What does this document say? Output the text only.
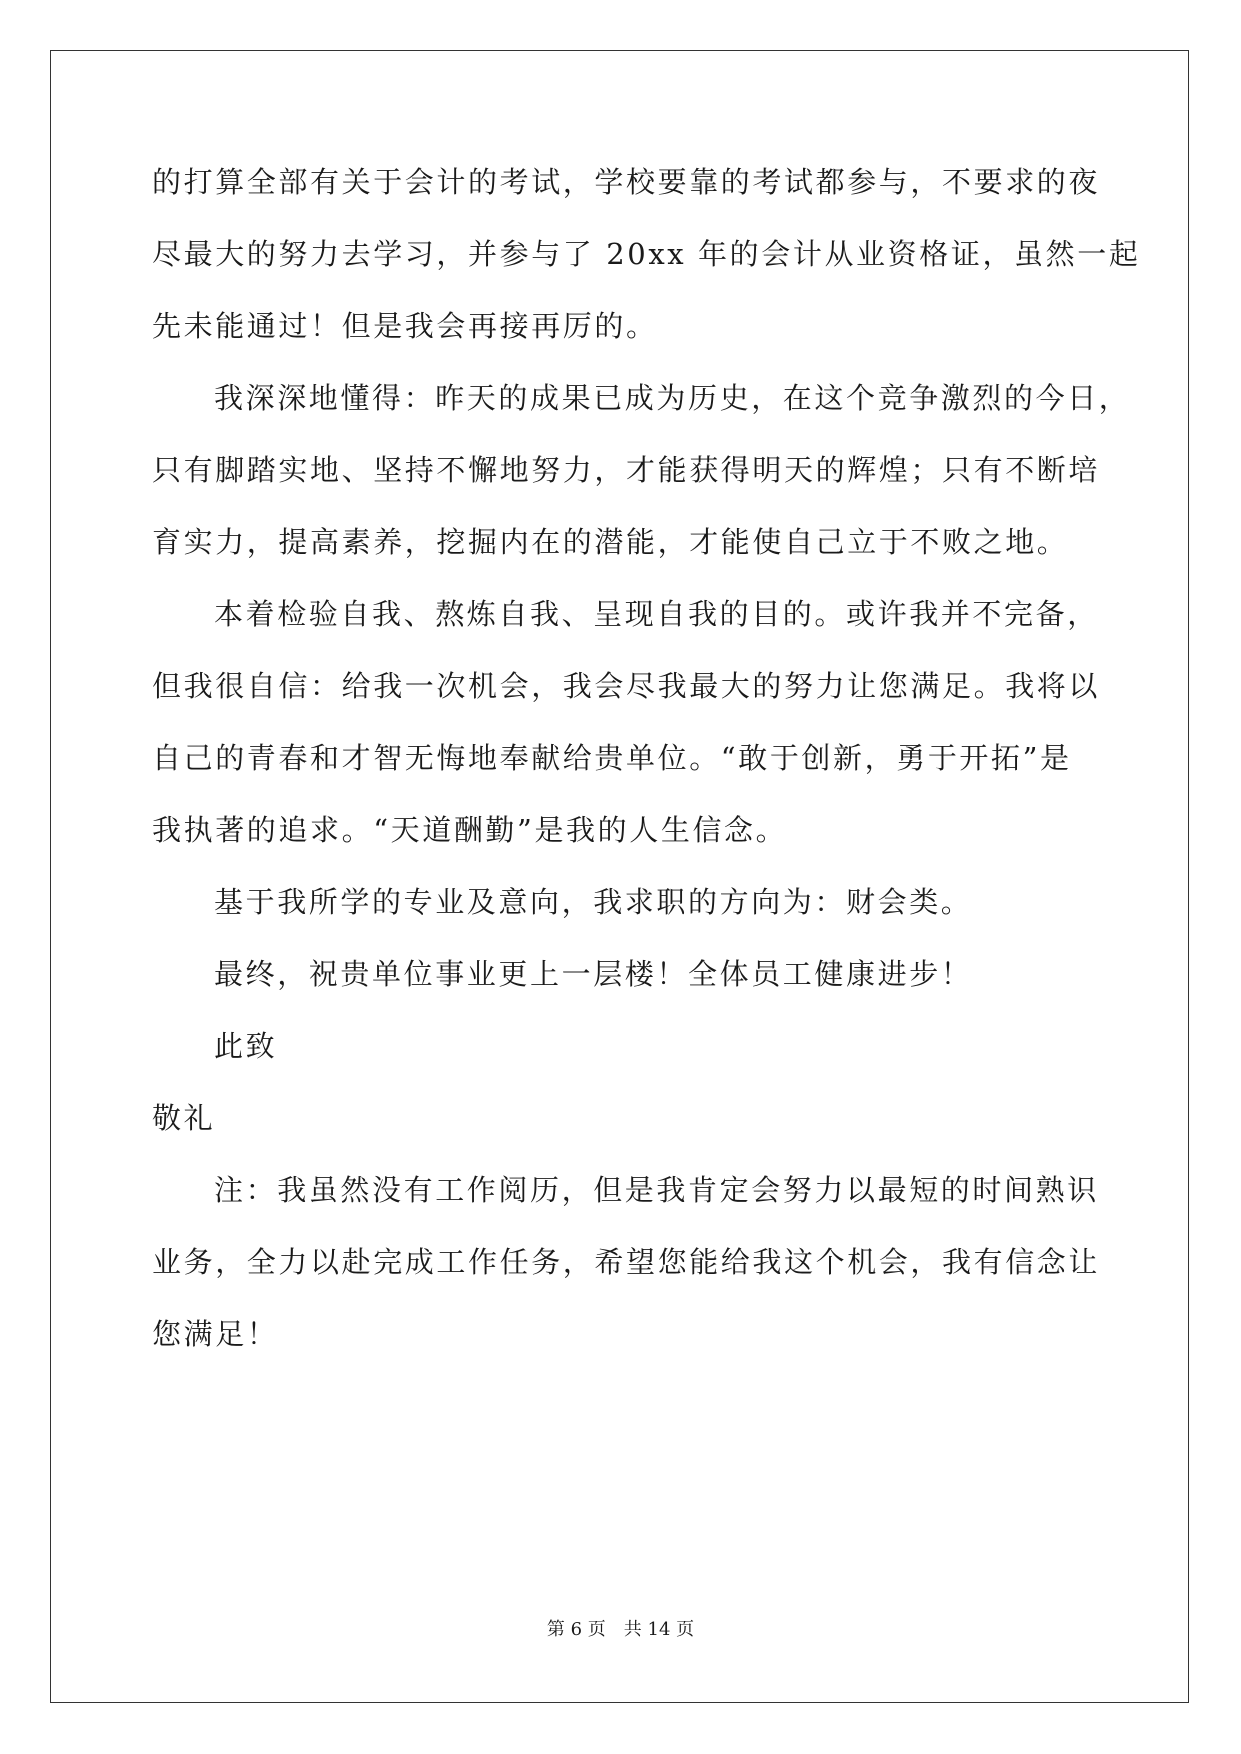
的打算全部有关于会计的考试，学校要靠的考试都参与，不要求的夜
尽最大的努力去学习，并参与了 20xx 年的会计从业资格证，虽然一起
先未能通过！但是我会再接再厉的。
我深深地懂得：昨天的成果已成为历史，在这个竞争激烈的今日，
只有脚踏实地、坚持不懈地努力，才能获得明天的辉煌；只有不断培
育实力，提高素养，挖掘内在的潜能，才能使自己立于不败之地。
本着检验自我、熬炼自我、呈现自我的目的。或许我并不完备，
但我很自信：给我一次机会，我会尽我最大的努力让您满足。我将以
自己的青春和才智无悔地奉献给贵单位。“敢于创新，勇于开拓”是
我执著的追求。“天道酬勤”是我的人生信念。
基于我所学的专业及意向，我求职的方向为：财会类。
最终，祝贵单位事业更上一层楼！全体员工健康进步！
此致
敬礼
注：我虽然没有工作阅历，但是我肯定会努力以最短的时间熟识
业务，全力以赴完成工作任务，希望您能给我这个机会，我有信念让
您满足！
第 6 页 共 14 页
